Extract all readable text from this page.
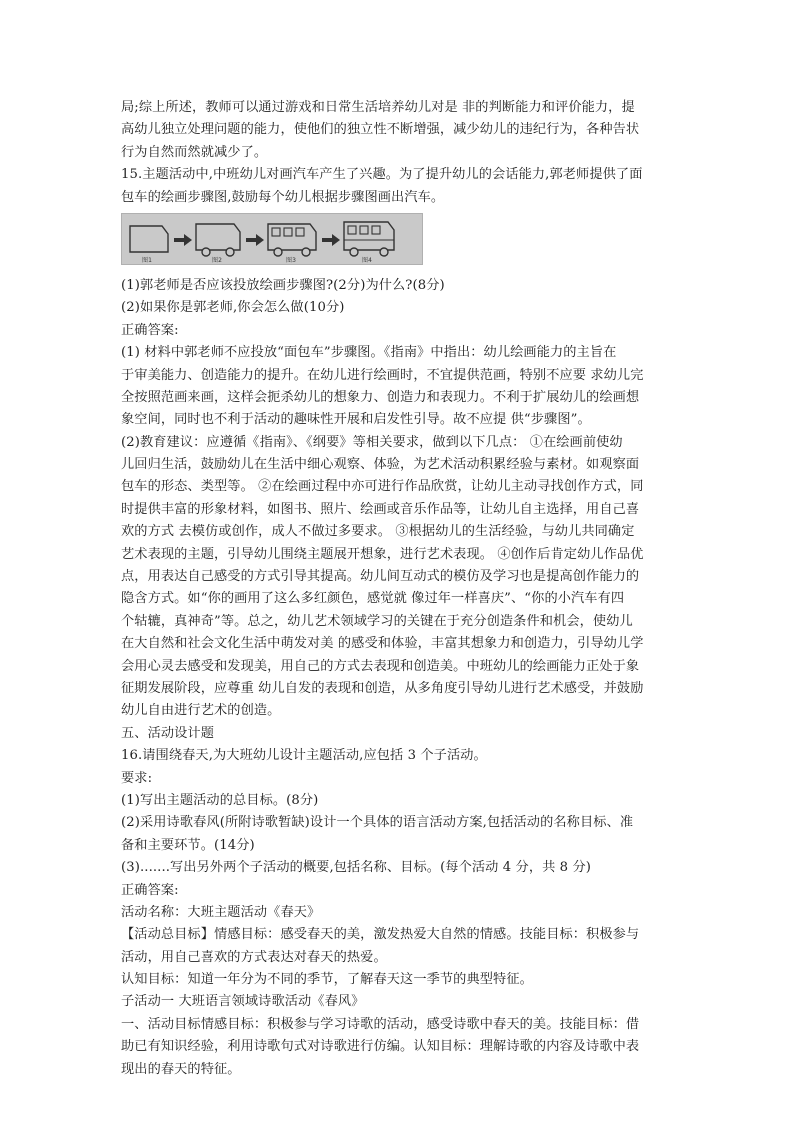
局;综上所述，教师可以通过游戏和日常生活培养幼儿对是 非的判断能力和评价能力，提
高幼儿独立处理问题的能力，使他们的独立性不断增强，减少幼儿的违纪行为，各种告状
行为自然而然就减少了。
15.主题活动中,中班幼儿对画汽车产生了兴趣。为了提升幼儿的会话能力,郭老师提供了面
包车的绘画步骤图,鼓励每个幼儿根据步骤图画出汽车。
图1	图2	图3	图4
(1)郭老师是否应该投放绘画步骤图?(2分)为什么?(8分)
(2)如果你是郭老师,你会怎么做(10分)
正确答案:
(1) 材料中郭老师不应投放“面包车”步骤图。《指南》中指出：幼儿绘画能力的主旨在
于审美能力、创造能力的提升。在幼儿进行绘画时，不宜提供范画，特别不应要 求幼儿完
全按照范画来画，这样会扼杀幼儿的想象力、创造力和表现力。不利于扩展幼儿的绘画想
象空间，同时也不利于活动的趣味性开展和启发性引导。故不应提 供“步骤图”。
(2)教育建议：应遵循《指南》、《纲要》等相关要求，做到以下几点： ①在绘画前使幼
儿回归生活，鼓励幼儿在生活中细心观察、体验，为艺术活动积累经验与素材。如观察面
包车的形态、类型等。 ②在绘画过程中亦可进行作品欣赏，让幼儿主动寻找创作方式，同
时提供丰富的形象材料，如图书、照片、绘画或音乐作品等，让幼儿自主选择，用自己喜
欢的方式 去模仿或创作，成人不做过多要求。 ③根据幼儿的生活经验，与幼儿共同确定
艺术表现的主题，引导幼儿围绕主题展开想象，进行艺术表现。 ④创作后肯定幼儿作品优
点，用表达自己感受的方式引导其提高。幼儿间互动式的模仿及学习也是提高创作能力的
隐含方式。如“你的画用了这么多红颜色，感觉就 像过年一样喜庆”、“你的小汽车有四
个轱辘，真神奇”等。总之，幼儿艺术领域学习的关键在于充分创造条件和机会，使幼儿
在大自然和社会文化生活中萌发对美 的感受和体验，丰富其想象力和创造力，引导幼儿学
会用心灵去感受和发现美，用自己的方式去表现和创造美。中班幼儿的绘画能力正处于象
征期发展阶段，应尊重 幼儿自发的表现和创造，从多角度引导幼儿进行艺术感受，并鼓励
幼儿自由进行艺术的创造。
五、活动设计题
16.请围绕春天,为大班幼儿设计主题活动,应包括 3 个子活动。
要求:
(1)写出主题活动的总目标。(8分)
(2)采用诗歌春风(所附诗歌暂缺)设计一个具体的语言活动方案,包括活动的名称目标、准
备和主要环节。(14分)
(3).......写出另外两个子活动的概要,包括名称、目标。(每个活动 4 分，共 8 分)
正确答案:
活动名称：大班主题活动《春天》
【活动总目标】情感目标：感受春天的美，激发热爱大自然的情感。技能目标：积极参与
活动，用自己喜欢的方式表达对春天的热爱。
认知目标：知道一年分为不同的季节，了解春天这一季节的典型特征。
子活动一 大班语言领域诗歌活动《春风》
一、活动目标情感目标：积极参与学习诗歌的活动，感受诗歌中春天的美。技能目标：借
助已有知识经验，利用诗歌句式对诗歌进行仿编。认知目标：理解诗歌的内容及诗歌中表
现出的春天的特征。
